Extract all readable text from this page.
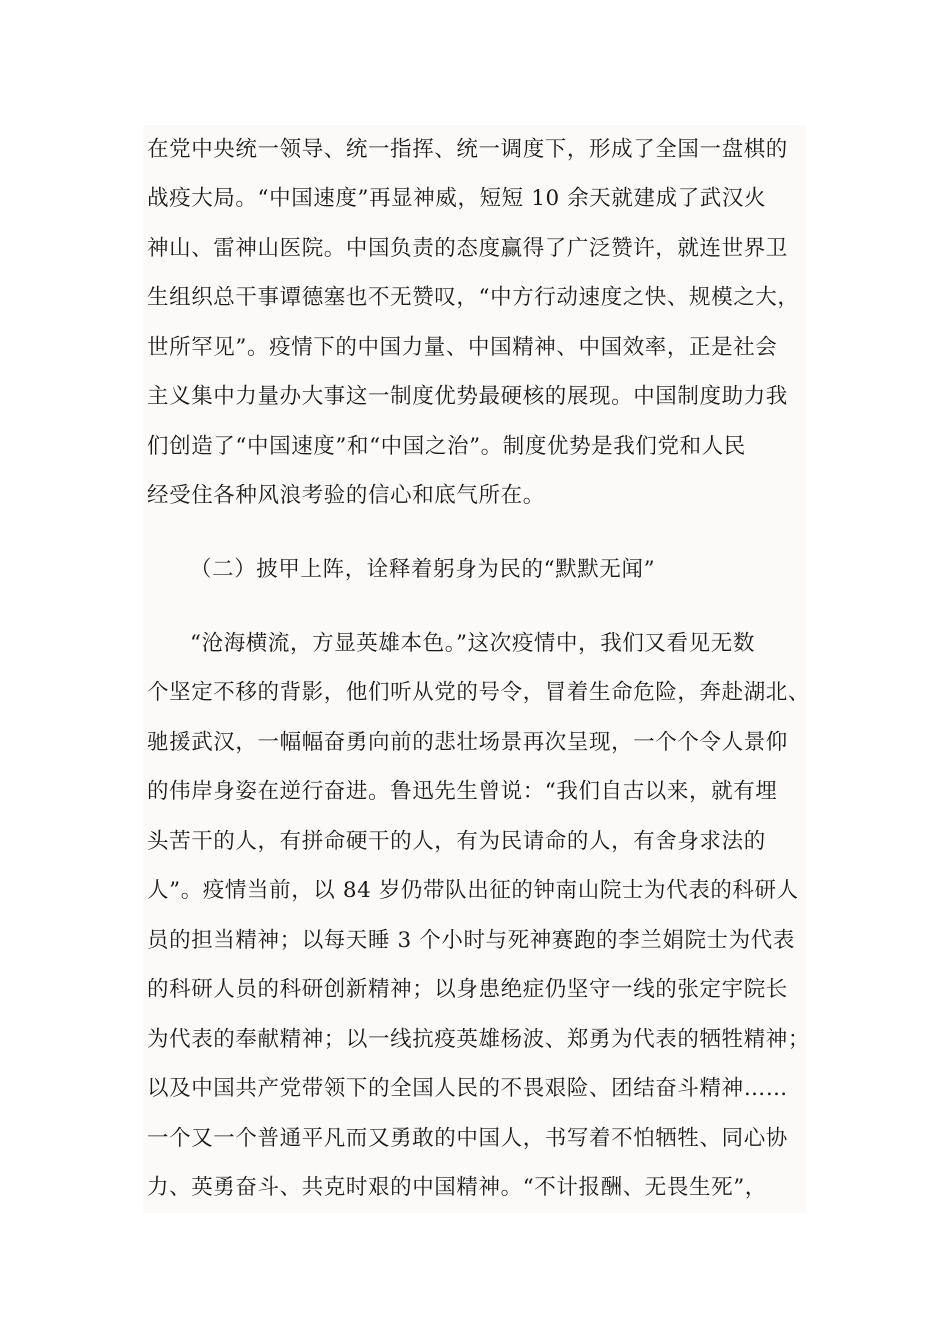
在党中央统一领导、统一指挥、统一调度下，形成了全国一盘棋的
战疫大局。“中国速度”再显神威，短短 10 余天就建成了武汉火
神山、雷神山医院。中国负责的态度赢得了广泛赞许，就连世界卫
生组织总干事谭德塞也不无赞叹，“中方行动速度之快、规模之大，
世所罕见”。疫情下的中国力量、中国精神、中国效率，正是社会
主义集中力量办大事这一制度优势最硬核的展现。中国制度助力我
们创造了“中国速度”和“中国之治”。制度优势是我们党和人民
经受住各种风浪考验的信心和底气所在。
（二）披甲上阵，诠释着躬身为民的“默默无闻”
“沧海横流，方显英雄本色。”这次疫情中，我们又看见无数
个坚定不移的背影，他们听从党的号令，冒着生命危险，奔赴湖北、
驰援武汉，一幅幅奋勇向前的悲壮场景再次呈现，一个个令人景仰
的伟岸身姿在逆行奋进。鲁迅先生曾说：“我们自古以来，就有埋
头苦干的人，有拼命硬干的人，有为民请命的人，有舍身求法的
人”。疫情当前，以 84 岁仍带队出征的钟南山院士为代表的科研人
员的担当精神；以每天睡 3 个小时与死神赛跑的李兰娟院士为代表
的科研人员的科研创新精神；以身患绝症仍坚守一线的张定宇院长
为代表的奉献精神；以一线抗疫英雄杨波、郑勇为代表的牺牲精神；
以及中国共产党带领下的全国人民的不畏艰险、团结奋斗精神……
一个又一个普通平凡而又勇敢的中国人，书写着不怕牺牲、同心协
力、英勇奋斗、共克时艰的中国精神。“不计报酬、无畏生死”，
